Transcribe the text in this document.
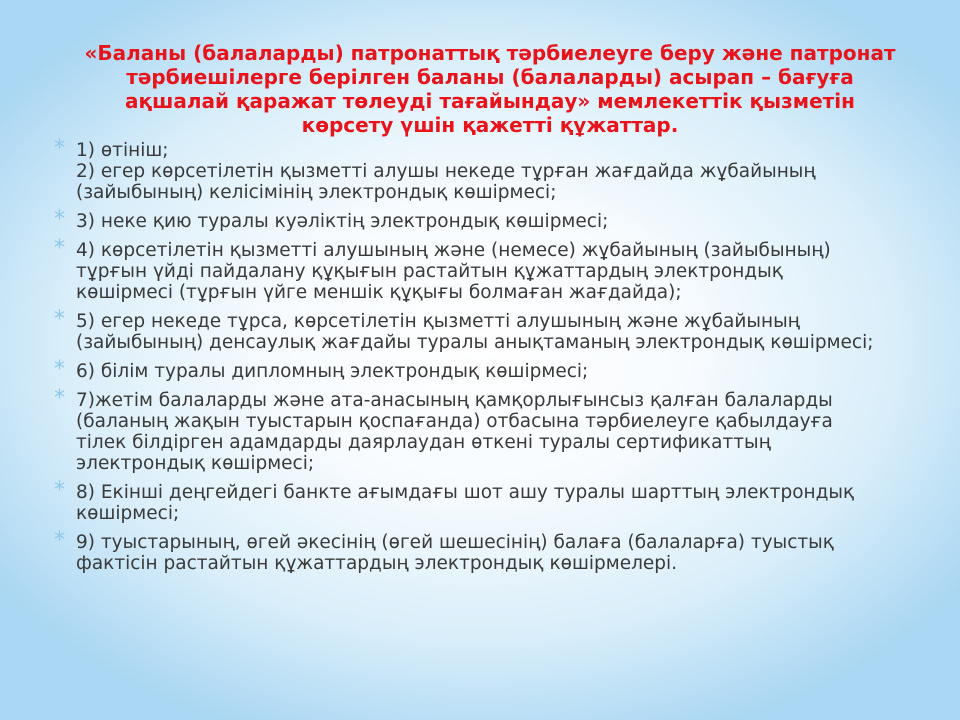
«Баланы (балаларды) патронаттық тәрбиелеуге беру және патронат
тәрбиешілерге берілген баланы (балаларды) асырап – бағуға
ақшалай қаражат төлеуді тағайындау» мемлекеттік қызметін
көрсету үшін қажетті құжаттар.
* 1) өтініш;
2) егер көрсетілетін қызметті алушы некеде тұрған жағдайда жұбайының
(зайыбының) келісімінің электрондық көшірмесі;
* 3) неке қию туралы куәліктің электрондық көшірмесі;
* 4) көрсетілетін қызметті алушының және (немесе) жұбайының (зайыбының)
тұрғын үйді пайдалану құқығын растайтын құжаттардың электрондық
көшірмесі (тұрғын үйге меншік құқығы болмаған жағдайда);
* 5) егер некеде тұрса, көрсетілетін қызметті алушының және жұбайының
(зайыбының) денсаулық жағдайы туралы анықтаманың электрондық көшірмесі;
* 6) білім туралы дипломның электрондық көшірмесі;
* 7)жетім балаларды және ата-анасының қамқорлығынсыз қалған балаларды
(баланың жақын туыстарын қоспағанда) отбасына тәрбиелеуге қабылдауға
тілек білдірген адамдарды даярлаудан өткені туралы сертификаттың
электрондық көшірмесі;
* 8) Екінші деңгейдегі банкте ағымдағы шот ашу туралы шарттың электрондық
көшірмесі;
* 9) туыстарының, өгей әкесінің (өгей шешесінің) балаға (балаларға) туыстық
фактісін растайтын құжаттардың электрондық көшірмелері.
